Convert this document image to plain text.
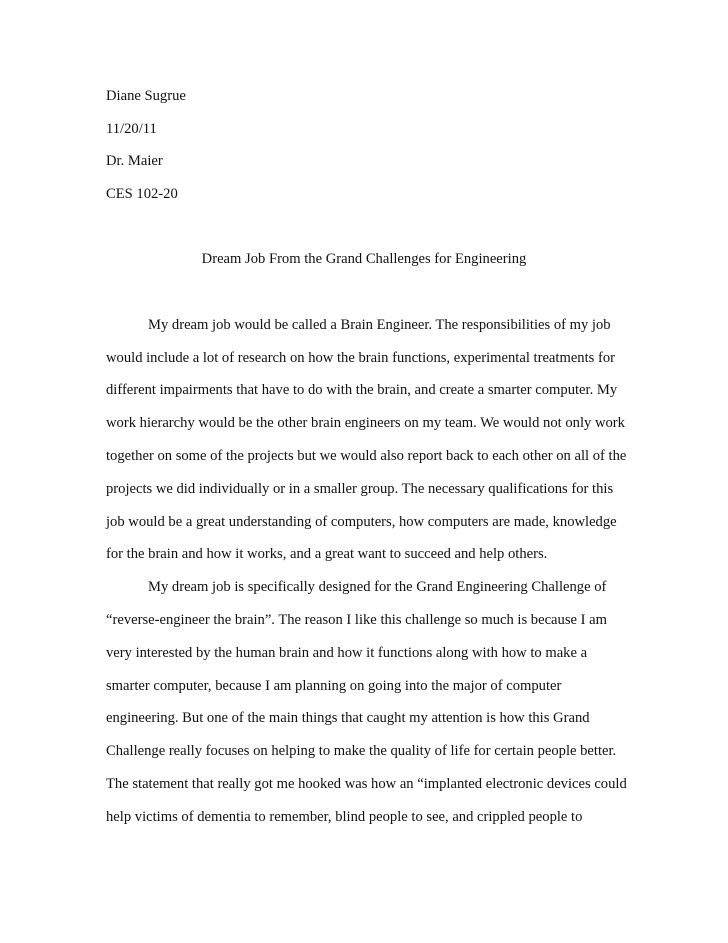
Diane Sugrue

11/20/11

Dr. Maier

CES 102-20

Dream Job From the Grand Challenges for Engineering

My dream job would be called a Brain Engineer. The responsibilities of my job

would include a lot of research on how the brain functions, experimental treatments for

different impairments that have to do with the brain, and create a smarter computer. My

work hierarchy would be the other brain engineers on my team. We would not only work

together on some of the projects but we would also report back to each other on all of the

projects we did individually or in a smaller group. The necessary qualifications for this

job would be a great understanding of computers, how computers are made, knowledge

for the brain and how it works, and a great want to succeed and help others.

My dream job is specifically designed for the Grand Engineering Challenge of

“reverse-engineer the brain”. The reason I like this challenge so much is because I am

very interested by the human brain and how it functions along with how to make a

smarter computer, because I am planning on going into the major of computer

engineering. But one of the main things that caught my attention is how this Grand

Challenge really focuses on helping to make the quality of life for certain people better.

The statement that really got me hooked was how an “implanted electronic devices could

help victims of dementia to remember, blind people to see, and crippled people to
